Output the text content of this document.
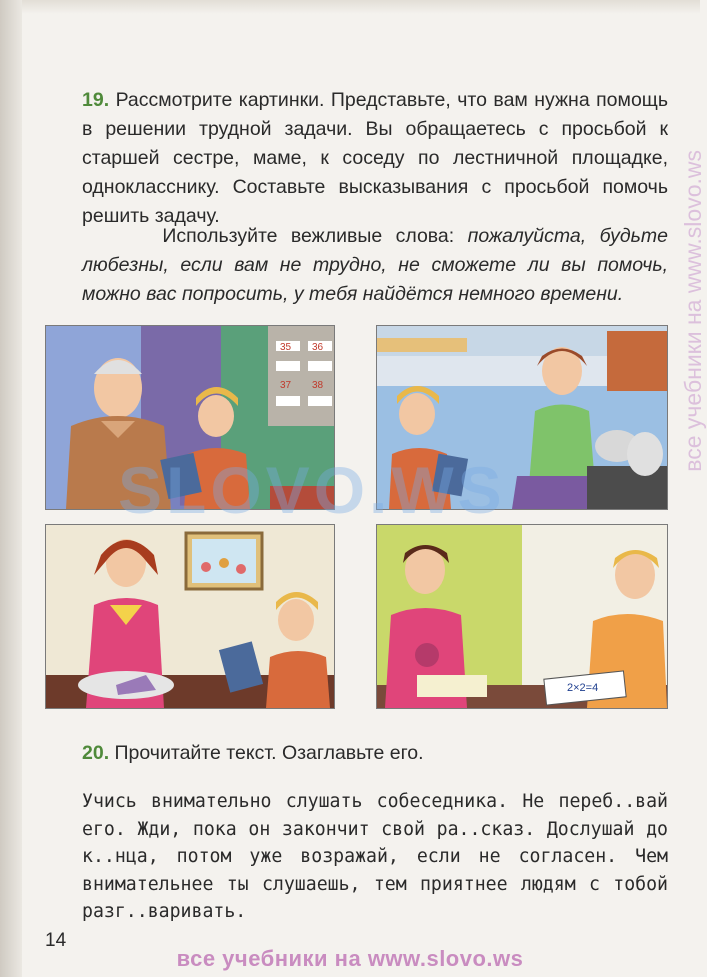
19. Рассмотрите картинки. Представьте, что вам нужна помощь в решении трудной задачи. Вы обращаетесь с просьбой к старшей сестре, маме, к соседу по лестничной площадке, однокласснику. Составьте высказывания с просьбой помочь решить задачу.

Используйте вежливые слова: пожалуйста, будьте любезны, если вам не трудно, не сможете ли вы помочь, можно вас попросить, у тебя найдётся немного времени.

35 36
37 38
2×2=4
SLOVO.WS
20. Прочитайте текст. Озаглавьте его.

Учись внимательно слушать собеседника. Не переб..вай его. Жди, пока он закончит свой ра..сказ. Дослушай до к..нца, потом уже возражай, если не согласен. Чем внимательнее ты слушаешь, тем приятнее людям с тобой разг..варивать.

14
все учебники на www.slovo.ws
все учебники на www.slovo.ws
